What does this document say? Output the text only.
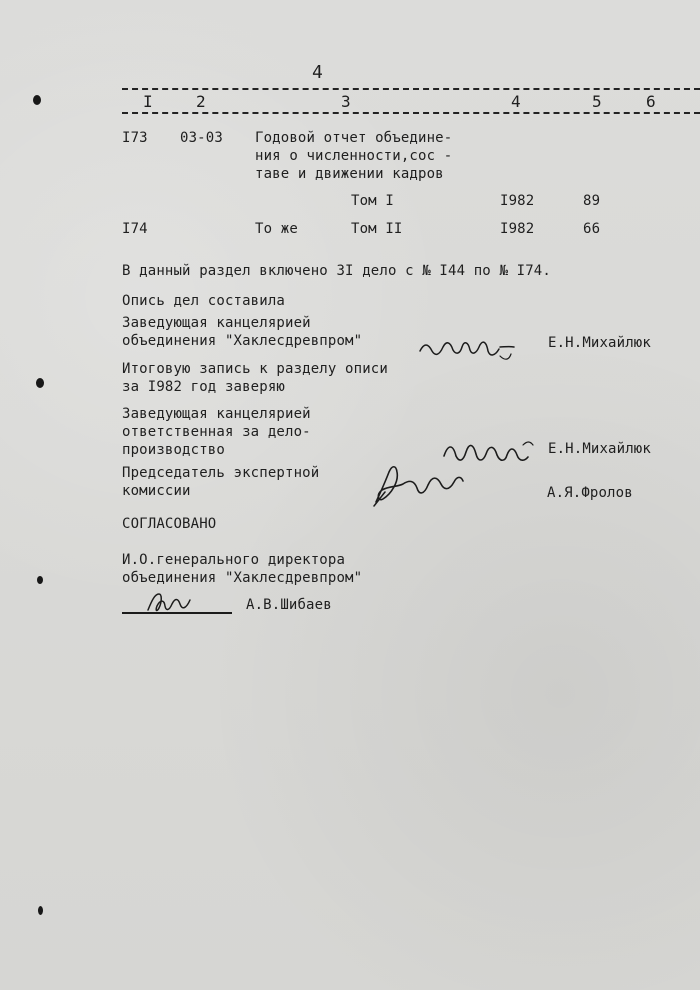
4
I	2	3	4	5	6
I73 03-03 Годовой отчет объедине-
ния о численности,сос -
таве и движении кадров
Том I	I982	89
I74	То же	Том II	I982	66
В данный раздел включено 3I дело с № I44 по № I74.
Опись дел составила
Заведующая канцелярией
объединения "Хаклесдревпром"	Е.Н.Михайлюк
Итоговую запись к разделу описи
за I982 год заверяю
Заведующая канцелярией
ответственная за дело-
производство	Е.Н.Михайлюк
Председатель экспертной
комиссии	А.Я.Фролов
СОГЛАСОВАНО
И.О.генерального директора
объединения "Хаклесдревпром"
А.В.Шибаев
